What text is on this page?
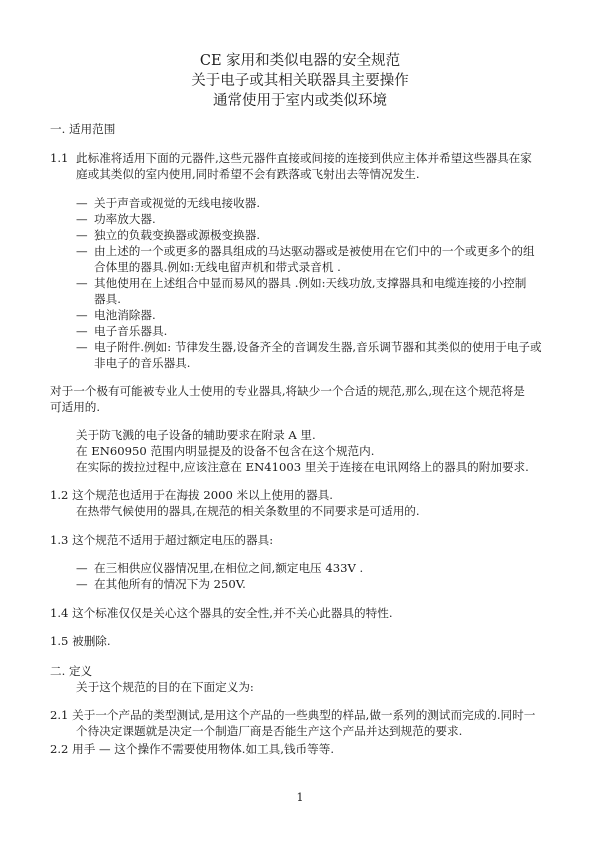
CE 家用和类似电器的安全规范
关于电子或其相关联器具主要操作
通常使用于室内或类似环境
一. 适用范围
1.1 此标准将适用下面的元器件,这些元器件直接或间接的连接到供应主体并希望这些器具在家
庭或其类似的室内使用,同时希望不会有跌落或飞射出去等情况发生.
— 关于声音或视觉的无线电接收器.
— 功率放大器.
— 独立的负载变换器或源极变换器.
— 由上述的一个或更多的器具组成的马达驱动器或是被使用在它们中的一个或更多个的组
合体里的器具.例如:无线电留声机和带式录音机 .
— 其他使用在上述组合中显而易风的器具 .例如:天线功放,支撑器具和电缆连接的小控制
器具.
— 电池消除器.
— 电子音乐器具.
— 电子附件.例如: 节律发生器,设备齐全的音调发生器,音乐调节器和其类似的使用于电子或
非电子的音乐器具.
对于一个极有可能被专业人士使用的专业器具,将缺少一个合适的规范,那么,现在这个规范将是
可适用的.
关于防飞溅的电子设备的辅助要求在附录 A 里.
在 EN60950 范围内明显提及的设备不包含在这个规范内.
在实际的拨拉过程中,应该注意在 EN41003 里关于连接在电讯网络上的器具的附加要求.
1.2 这个规范也适用于在海拔 2000 米以上使用的器具.
在热带气候使用的器具,在规范的相关条数里的不同要求是可适用的.
1.3 这个规范不适用于超过额定电压的器具:
— 在三相供应仪器情况里,在相位之间,额定电压 433V .
— 在其他所有的情况下为 250V.
1.4 这个标准仅仅是关心这个器具的安全性,并不关心此器具的特性.
1.5 被删除.
二. 定义
关于这个规范的目的在下面定义为:
2.1 关于一个产品的类型测试,是用这个产品的一些典型的样品,做一系列的测试而完成的.同时一
个待决定课题就是决定一个制造厂商是否能生产这个产品并达到规范的要求.
2.2 用手 — 这个操作不需要使用物体.如工具,钱币等等.
1
